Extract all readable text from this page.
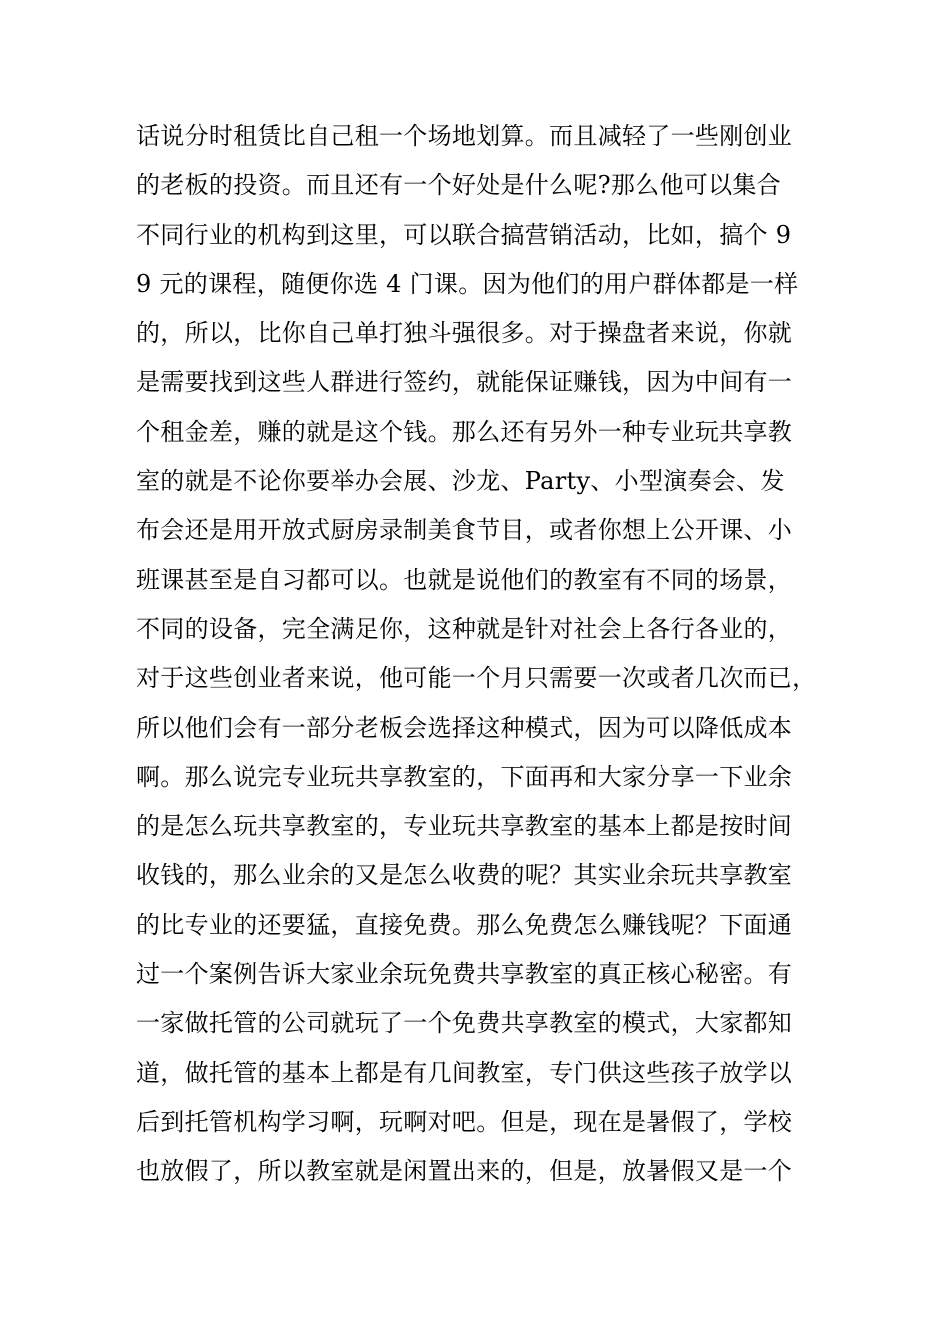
话说分时租赁比自己租一个场地划算。而且减轻了一些刚创业
的老板的投资。而且还有一个好处是什么呢?那么他可以集合
不同行业的机构到这里，可以联合搞营销活动，比如，搞个 9
9 元的课程，随便你选 4 门课。因为他们的用户群体都是一样
的，所以，比你自己单打独斗强很多。对于操盘者来说，你就
是需要找到这些人群进行签约，就能保证赚钱，因为中间有一
个租金差，赚的就是这个钱。那么还有另外一种专业玩共享教
室的就是不论你要举办会展、沙龙、Party、小型演奏会、发
布会还是用开放式厨房录制美食节目，或者你想上公开课、小
班课甚至是自习都可以。也就是说他们的教室有不同的场景，
不同的设备，完全满足你，这种就是针对社会上各行各业的，
对于这些创业者来说，他可能一个月只需要一次或者几次而已，
所以他们会有一部分老板会选择这种模式，因为可以降低成本
啊。那么说完专业玩共享教室的，下面再和大家分享一下业余
的是怎么玩共享教室的，专业玩共享教室的基本上都是按时间
收钱的，那么业余的又是怎么收费的呢？其实业余玩共享教室
的比专业的还要猛，直接免费。那么免费怎么赚钱呢？下面通
过一个案例告诉大家业余玩免费共享教室的真正核心秘密。有
一家做托管的公司就玩了一个免费共享教室的模式，大家都知
道，做托管的基本上都是有几间教室，专门供这些孩子放学以
后到托管机构学习啊，玩啊对吧。但是，现在是暑假了，学校
也放假了，所以教室就是闲置出来的，但是，放暑假又是一个
